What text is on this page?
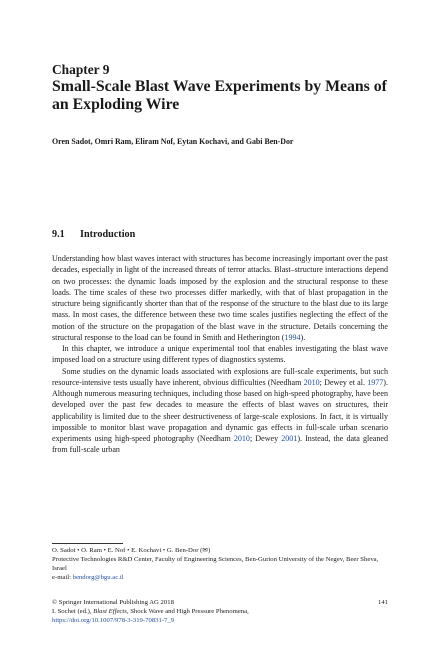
Chapter 9
Small-Scale Blast Wave Experiments by Means of an Exploding Wire
Oren Sadot, Omri Ram, Eliram Nof, Eytan Kochavi, and Gabi Ben-Dor
9.1 Introduction

Understanding how blast waves interact with structures has become increasingly important over the past decades, especially in light of the increased threats of terror attacks. Blast–structure interactions depend on two processes: the dynamic loads imposed by the explosion and the structural response to these loads. The time scales of these two processes differ markedly, with that of blast propagation in the structure being significantly shorter than that of the response of the structure to the blast due to its large mass. In most cases, the difference between these two time scales justifies neglecting the effect of the motion of the structure on the propagation of the blast wave in the structure. Details concerning the structural response to the load can be found in Smith and Hetherington (1994).

In this chapter, we introduce a unique experimental tool that enables investigating the blast wave imposed load on a structure using different types of diagnostics systems.

Some studies on the dynamic loads associated with explosions are full-scale experiments, but such resource-intensive tests usually have inherent, obvious difficulties (Needham 2010; Dewey et al. 1977). Although numerous measuring techniques, including those based on high-speed photography, have been developed over the past few decades to measure the effects of blast waves on structures, their applicability is limited due to the sheer destructiveness of large-scale explosions. In fact, it is virtually impossible to monitor blast wave propagation and dynamic gas effects in full-scale urban scenario experiments using high-speed photography (Needham 2010; Dewey 2001). Instead, the data gleaned from full-scale urban

O. Sadot • O. Ram • E. Nof • E. Kochavi • G. Ben-Dor (✉)
Protective Technologies R&D Center, Faculty of Engineering Sciences, Ben-Gurion University of the Negev, Beer Sheva, Israel
e-mail: bendorg@bgu.ac.il
© Springer International Publishing AG 2018
I. Sochet (ed.), Blast Effects, Shock Wave and High Pressure Phenomena,
https://doi.org/10.1007/978-3-319-70831-7_9
141
